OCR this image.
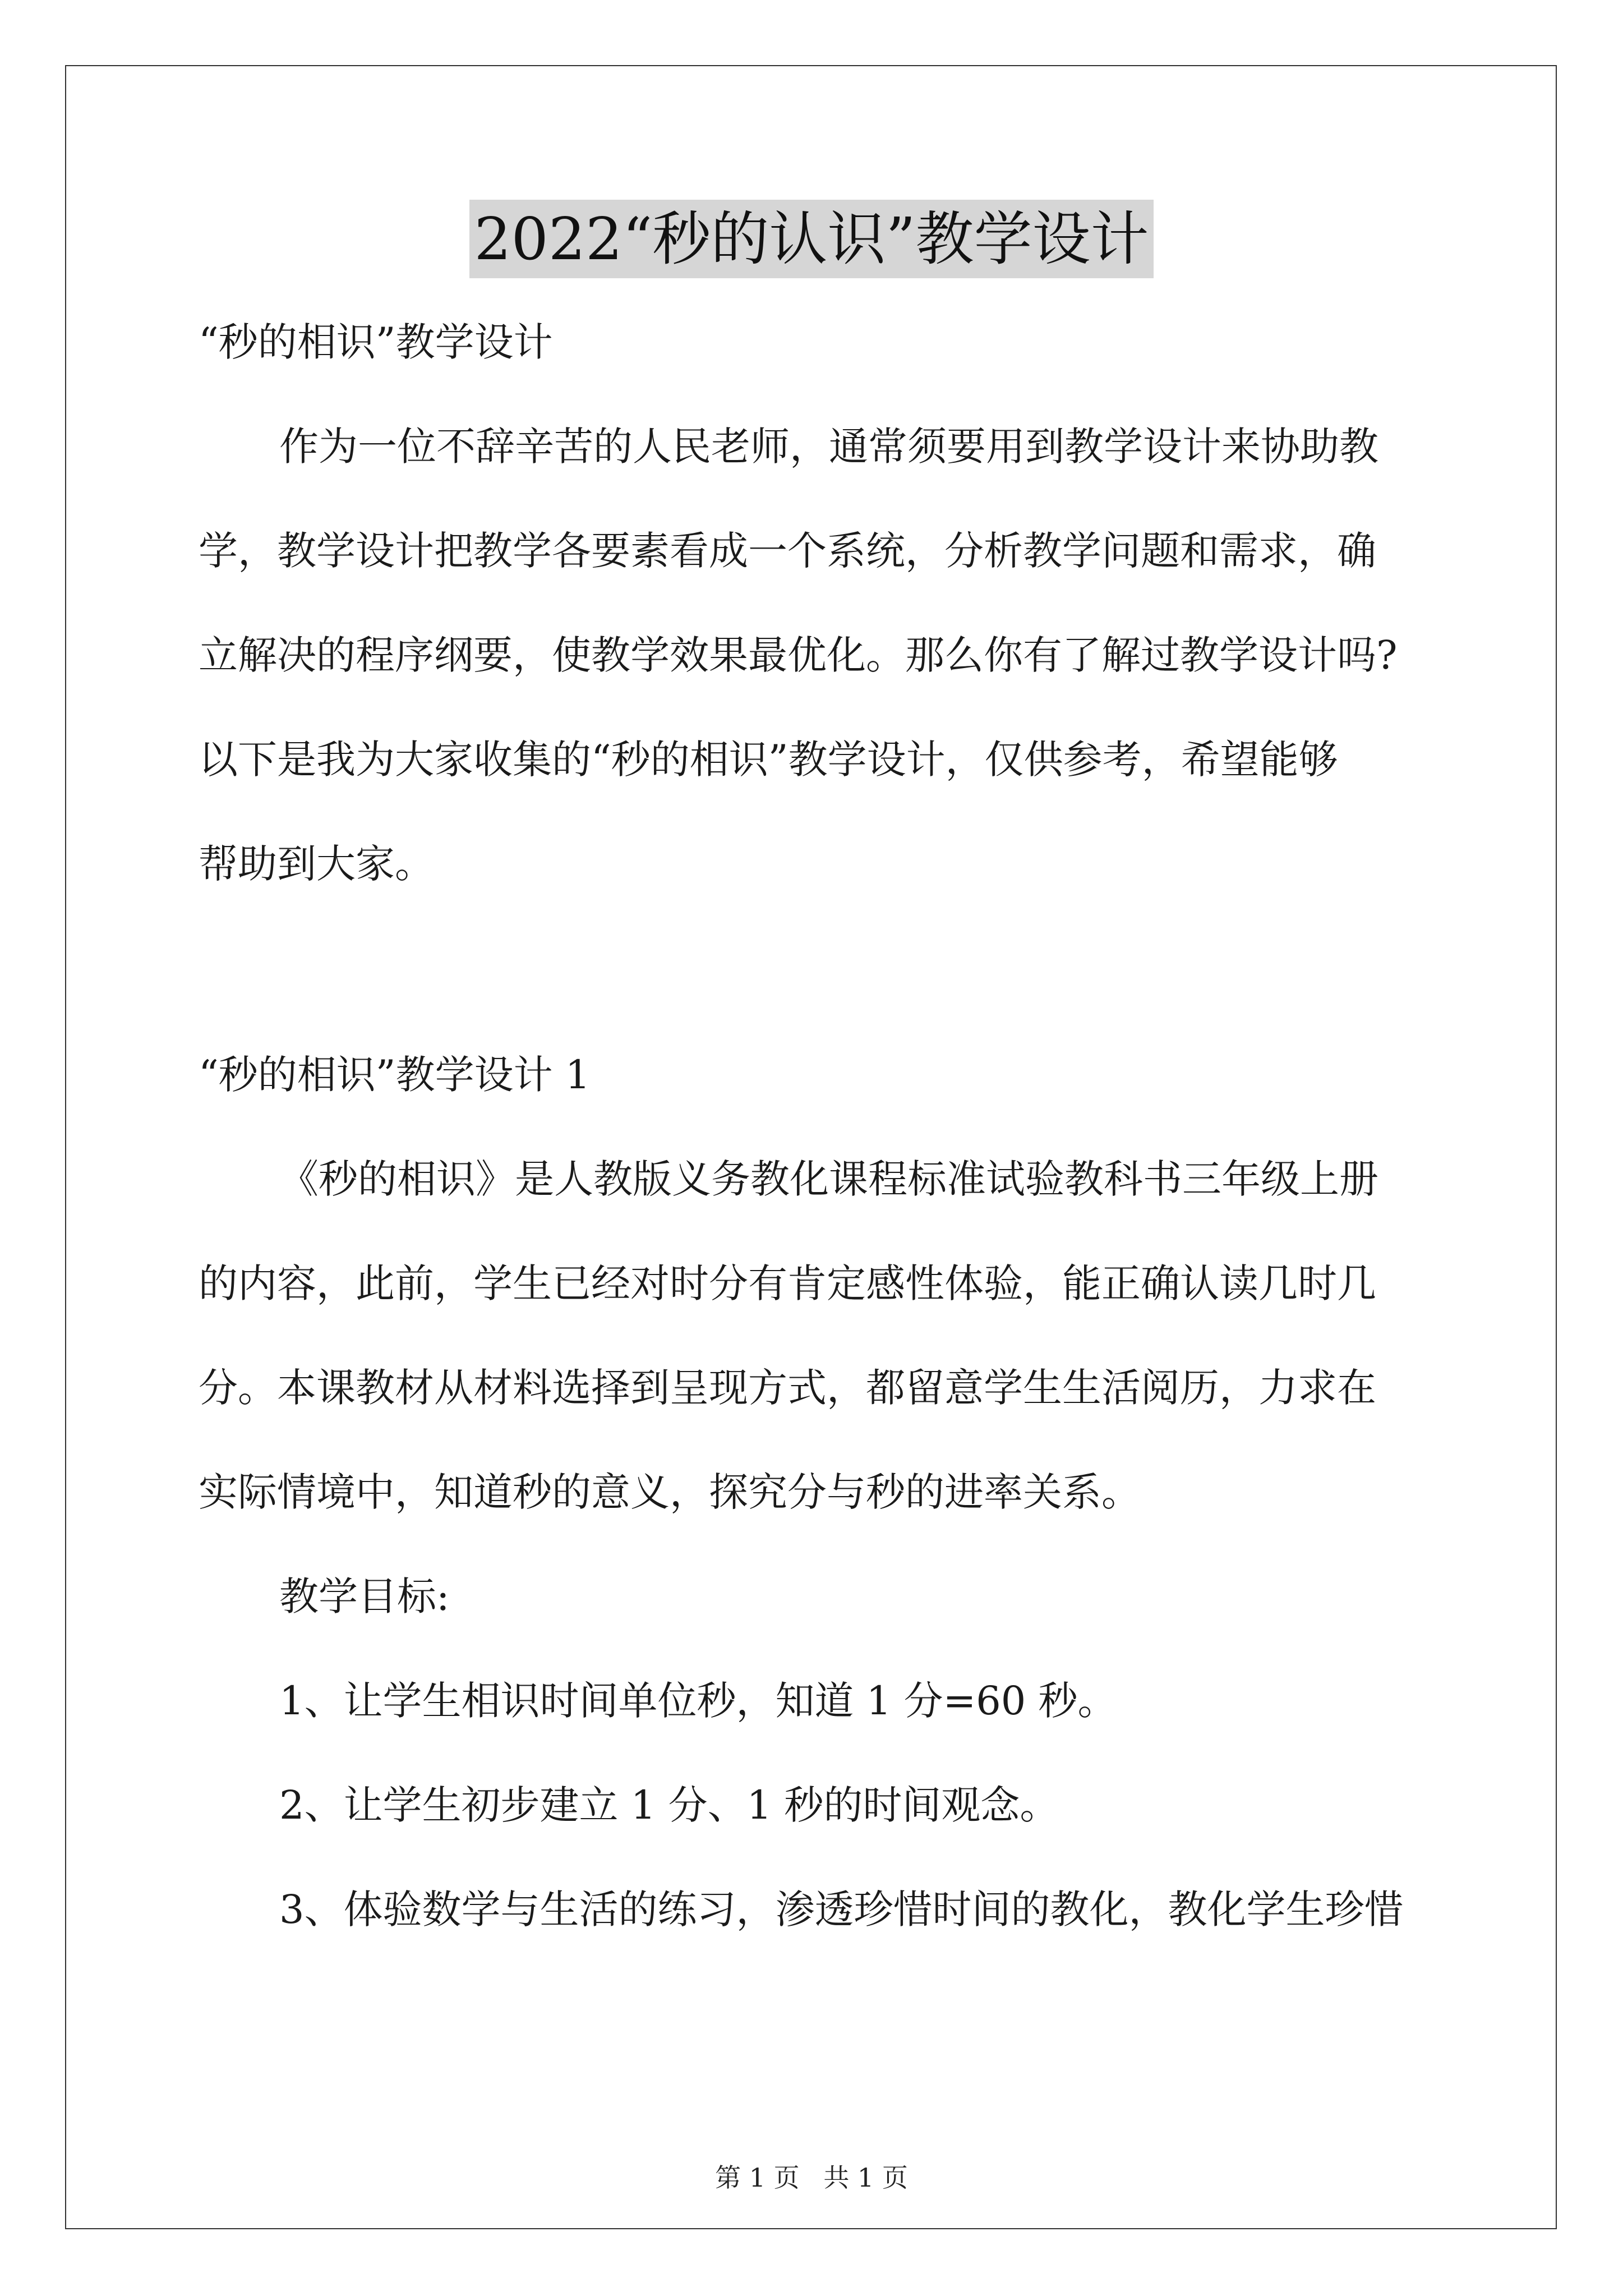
2022“秒的认识”教学设计

“秒的相识”教学设计

作为一位不辞辛苦的人民老师，通常须要用到教学设计来协助教

学，教学设计把教学各要素看成一个系统，分析教学问题和需求，确

立解决的程序纲要，使教学效果最优化。那么你有了解过教学设计吗?

以下是我为大家收集的“秒的相识”教学设计，仅供参考，希望能够

帮助到大家。

“秒的相识”教学设计 1

《秒的相识》是人教版义务教化课程标准试验教科书三年级上册

的内容，此前，学生已经对时分有肯定感性体验，能正确认读几时几

分。本课教材从材料选择到呈现方式，都留意学生生活阅历，力求在

实际情境中，知道秒的意义，探究分与秒的进率关系。

教学目标:

1、让学生相识时间单位秒，知道 1 分=60 秒。

2、让学生初步建立 1 分、1 秒的时间观念。

3、体验数学与生活的练习，渗透珍惜时间的教化，教化学生珍惜

第 1 页 共 1 页
